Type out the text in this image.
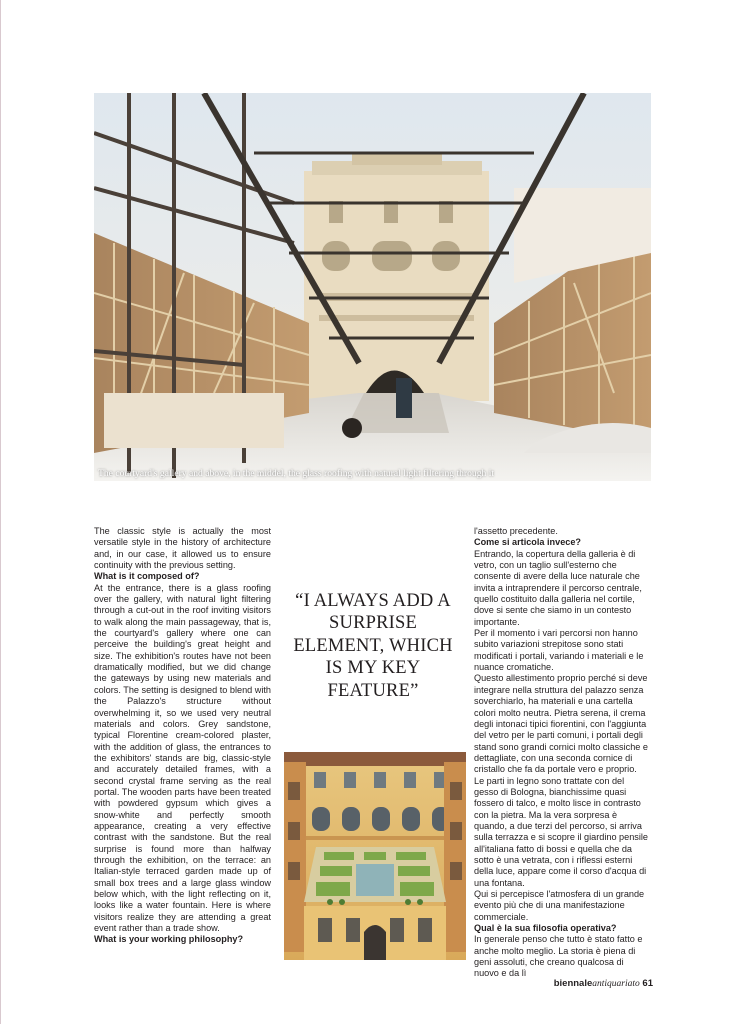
The courtyard's gallery and above, in the middel, the glass roofing with natural light filtering through it

The classic style is actually the most versatile style in the history of architecture and, in our case, it allowed us to ensure continuity with the previous setting.

What is it composed of?

At the entrance, there is a glass roofing over the gallery, with natural light filtering through a cut-out in the roof inviting visitors to walk along the main passageway, that is, the courtyard's gallery where one can perceive the building's great height and size. The exhibition's routes have not been dramatically modified, but we did change the gateways by using new materials and colors. The setting is designed to blend with the Palazzo's structure without overwhelming it, so we used very neutral materials and colors. Grey sandstone, typical Florentine cream-colored plaster, with the addition of glass, the entrances to the exhibitors' stands are big, classic-style and accurately detailed frames, with a second crystal frame serving as the real portal. The wooden parts have been treated with powdered gypsum which gives a snow-white and perfectly smooth appearance, creating a very effective contrast with the sandstone. But the real surprise is found more than halfway through the exhibition, on the terrace: an Italian-style terraced garden made up of small box trees and a large glass window below which, with the light reflecting on it, looks like a water fountain. Here is where visitors realize they are attending a great event rather than a trade show.

What is your working philosophy?

“I ALWAYS ADD A SURPRISE ELEMENT, WHICH IS MY KEY FEATURE”

l'assetto precedente.

Come si articola invece?

Entrando, la copertura della galleria è di vetro, con un taglio sull'esterno che consente di avere della luce naturale che invita a intraprendere il percorso centrale, quello costituito dalla galleria nel cortile, dove si sente che siamo in un contesto importante.

Per il momento i vari percorsi non hanno subito variazioni strepitose sono stati modificati i portali, variando i materiali e le nuance cromatiche.

Questo allestimento proprio perché si deve integrare nella struttura del palazzo senza soverchiarlo, ha materiali e una cartella colori molto neutra. Pietra serena, il crema degli intonaci tipici fiorentini, con l'aggiunta del vetro per le parti comuni, i portali degli stand sono grandi cornici molto classiche e dettagliate, con una seconda cornice di cristallo che fa da portale vero e proprio.

Le parti in legno sono trattate con del gesso di Bologna, bianchissime quasi fossero di talco, e molto lisce in contrasto con la pietra. Ma la vera sorpresa è quando, a due terzi del percorso, si arriva sulla terrazza e si scopre il giardino pensile all'italiana fatto di bossi e quella che da sotto è una vetrata, con i riflessi esterni della luce, appare come il corso d'acqua di una fontana.

Qui si percepisce l'atmosfera di un grande evento più che di una manifestazione commerciale.

Qual è la sua filosofia operativa?

In generale penso che tutto è stato fatto e anche molto meglio. La storia è piena di geni assoluti, che creano qualcosa di nuovo e da lì

biennaleantiquariato 61
